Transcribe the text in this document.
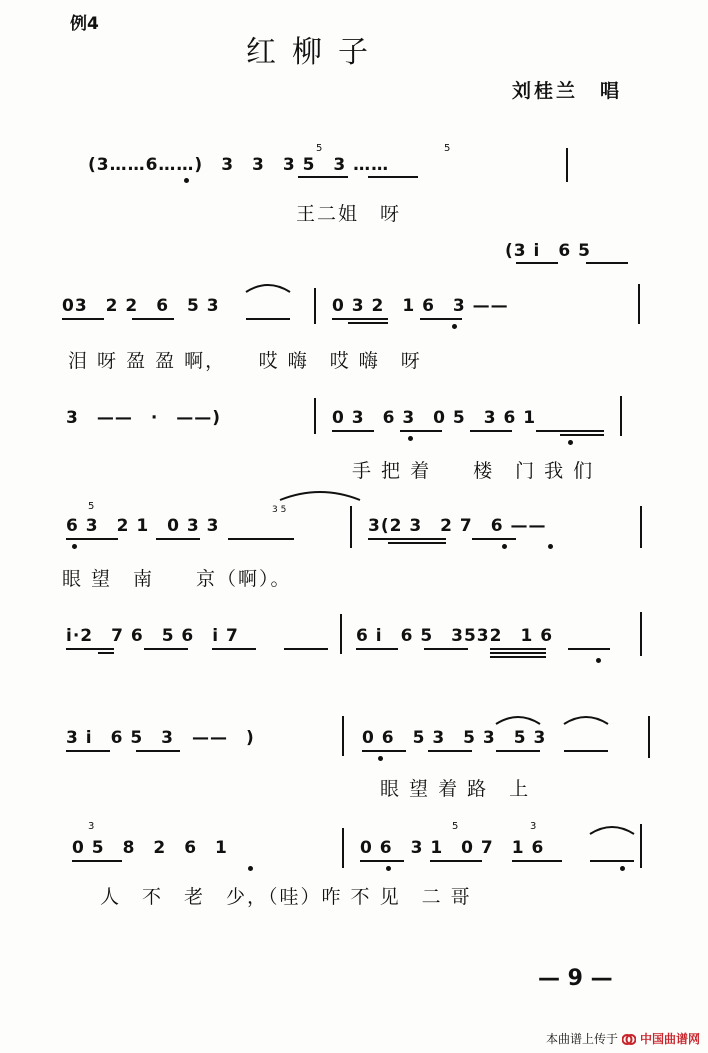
例4
红柳子
刘桂兰　唱
(3……6……)　3　3　3 5　3 ……
5	5
王二姐　呀
(3 i　6 5
03　2 2　6　5 3	0 3 2　1 6　3 ——
泪 呀 盈 盈 啊，　　哎 嗨　哎 嗨　呀
3　——　·　——)	0 3　6 3　0 5　3 6 1
手 把 着　　楼　门 我 们
6 3　2 1　0 3 3
5	3 5
3(2 3　2 7　6 ——
眼 望　南　　京（啊）。
i·2　7 6　5 6　i 7	6 i　6 5　3532　1 6
3 i　6 5　3　——　)	0 6　5 3　5 3　5 3
眼 望 着 路　上
0 5　8　2　6　1
3
0 6　3 1　0 7　1 6
5	3
人　不　老　少，（哇）咋 不 见　二 哥
— 9 —
本曲谱上传于 中国曲谱网
